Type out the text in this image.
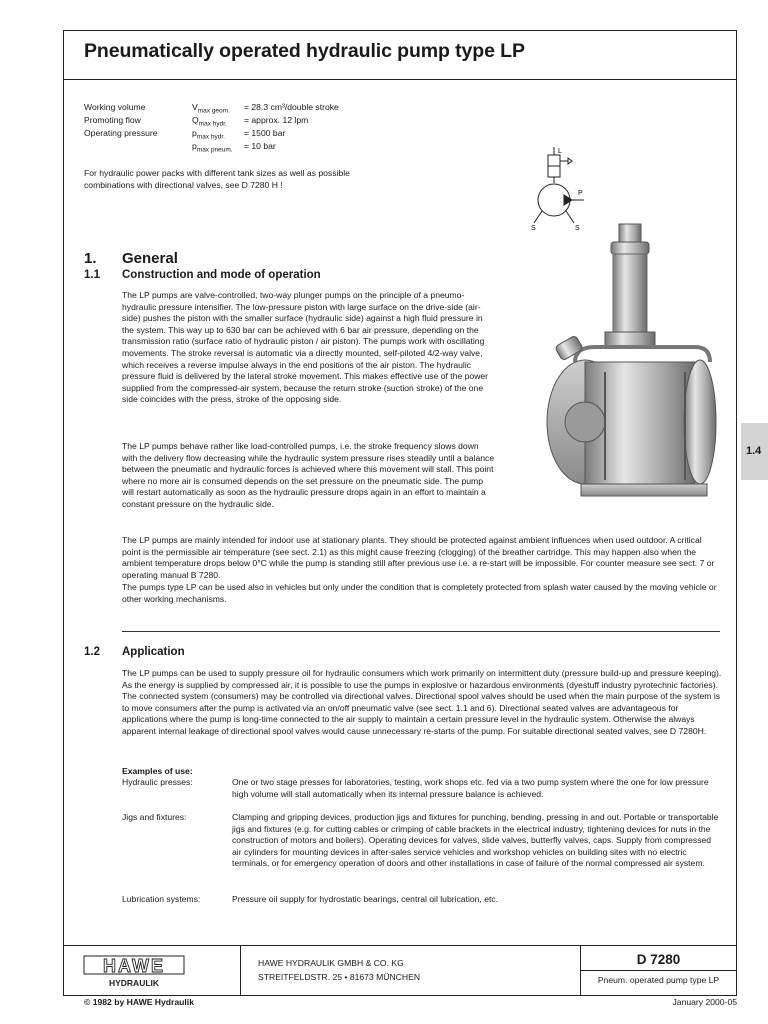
Pneumatically operated hydraulic pump type LP
Working volume	$V_{max geom.} = 28.3$ cm³/double stroke
Promoting flow	$Q_{max hydr.}$ = approx. 12 lpm
Operating pressure	$p_{max hydr.} = 1500$ bar
$p_{max pneum.} = 10$ bar
For hydraulic power packs with different tank sizes as well as possible combinations with directional valves, see D 7280 H !
L
P
S	S
1. General
1.1 Construction and mode of operation

The LP pumps are valve-controlled, two-way plunger pumps on the principle of a pneumo-hydraulic pressure intensifier. The low-pressure piston with large surface on the drive-side (air-side) pushes the piston with the smaller surface (hydraulic side) against a high fluid pressure in the system. This way up to 630 bar can be achieved with 6 bar air pressure, depending on the transmission ratio (surface ratio of hydraulic piston / air piston). The pumps work with oscillating movements. The stroke reversal is automatic via a directly mounted, self-piloted 4/2-way valve, which receives a reverse impulse always in the end positions of the air piston. The hydraulic pressure fluid is delivered by the lateral stroke movement. This makes effective use of the power supplied from the compressed-air system, because the return stroke (suction stroke) of the one side coincides with the press, stroke of the opposing side.

The LP pumps behave rather like load-controlled pumps, i.e. the stroke frequency slows down with the delivery flow decreasing while the hydraulic system pressure rises steadily until a balance between the pneumatic and hydraulic forces is achieved where this movement will stall. This point where no more air is consumed depends on the set pressure on the pneumatic side. The pump will restart automatically as soon as the hydraulic pressure drops again in an effort to maintain a constant pressure on the hydraulic side.

The LP pumps are mainly intended for indoor use at stationary plants. They should be protected against ambient influences when used outdoor. A critical point is the permissible air temperature (see sect. 2.1) as this might cause freezing (clogging) of the breather cartridge. This may happen also when the ambient temperature drops below 0°C while the pump is standing still after previous use i.e. a re-start will be impossible. For counter measure see sect. 7 or operating manual B 7280.

The pumps type LP can be used also in vehicles but only under the condition that is completely protected from splash water caused by the moving vehicle or other working mechanisms.

1.4
1.2 Application

The LP pumps can be used to supply pressure oil for hydraulic consumers which work primarily on intermittent duty (pressure build-up and pressure keeping). As the energy is supplied by compressed air, it is possible to use the pumps in explosive or hazardous environments (dyestuff industry pyrotechnic factories). The connected system (consumers) may be controlled via directional valves. Directional spool valves should be used when the main purpose of the system is to move consumers after the pump is activated via an on/off pneumatic valve (see sect. 1.1 and 6). Directional seated valves are advantageous for applications where the pump is long-time connected to the air supply to maintain a certain pressure level in the hydraulic system. Otherwise the always apparent internal leakage of directional spool valves would cause unnecessary re-starts of the pump. For suitable directional seated valves, see D 7280H.

Examples of use:
Hydraulic presses:	One or two stage presses for laboratories, testing, work shops etc. fed via a two pump system where the one for low pressure high volume will stall automatically when its internal pressure balance is achieved.
Jigs and fixtures:	Clamping and gripping devices, production jigs and fixtures for punching, bending, pressing in and out. Portable or transportable jigs and fixtures (e.g. for cutting cables or crimping of cable brackets in the electrical industry, tightening devices for nuts in the construction of motors and boilers). Operating devices for valves, slide valves, butterfly valves, caps. Supply from compressed air cylinders for mounting devices in after-sales service vehicles and workshop vehicles on building sites with no electric terminals, or for emergency operation of doors and other installations in case of failure of the normal compressed air system.
Lubrication systems:	Pressure oil supply for hydrostatic bearings, central oil lubrication, etc.
HAWE
HYDRAULIK
HAWE HYDRAULIK GMBH & CO. KG
STREITFELDSTR. 25 • 81673 MÜNCHEN
D 7280
Pneum. operated pump type LP
© 1982 by HAWE Hydraulik	January 2000-05
